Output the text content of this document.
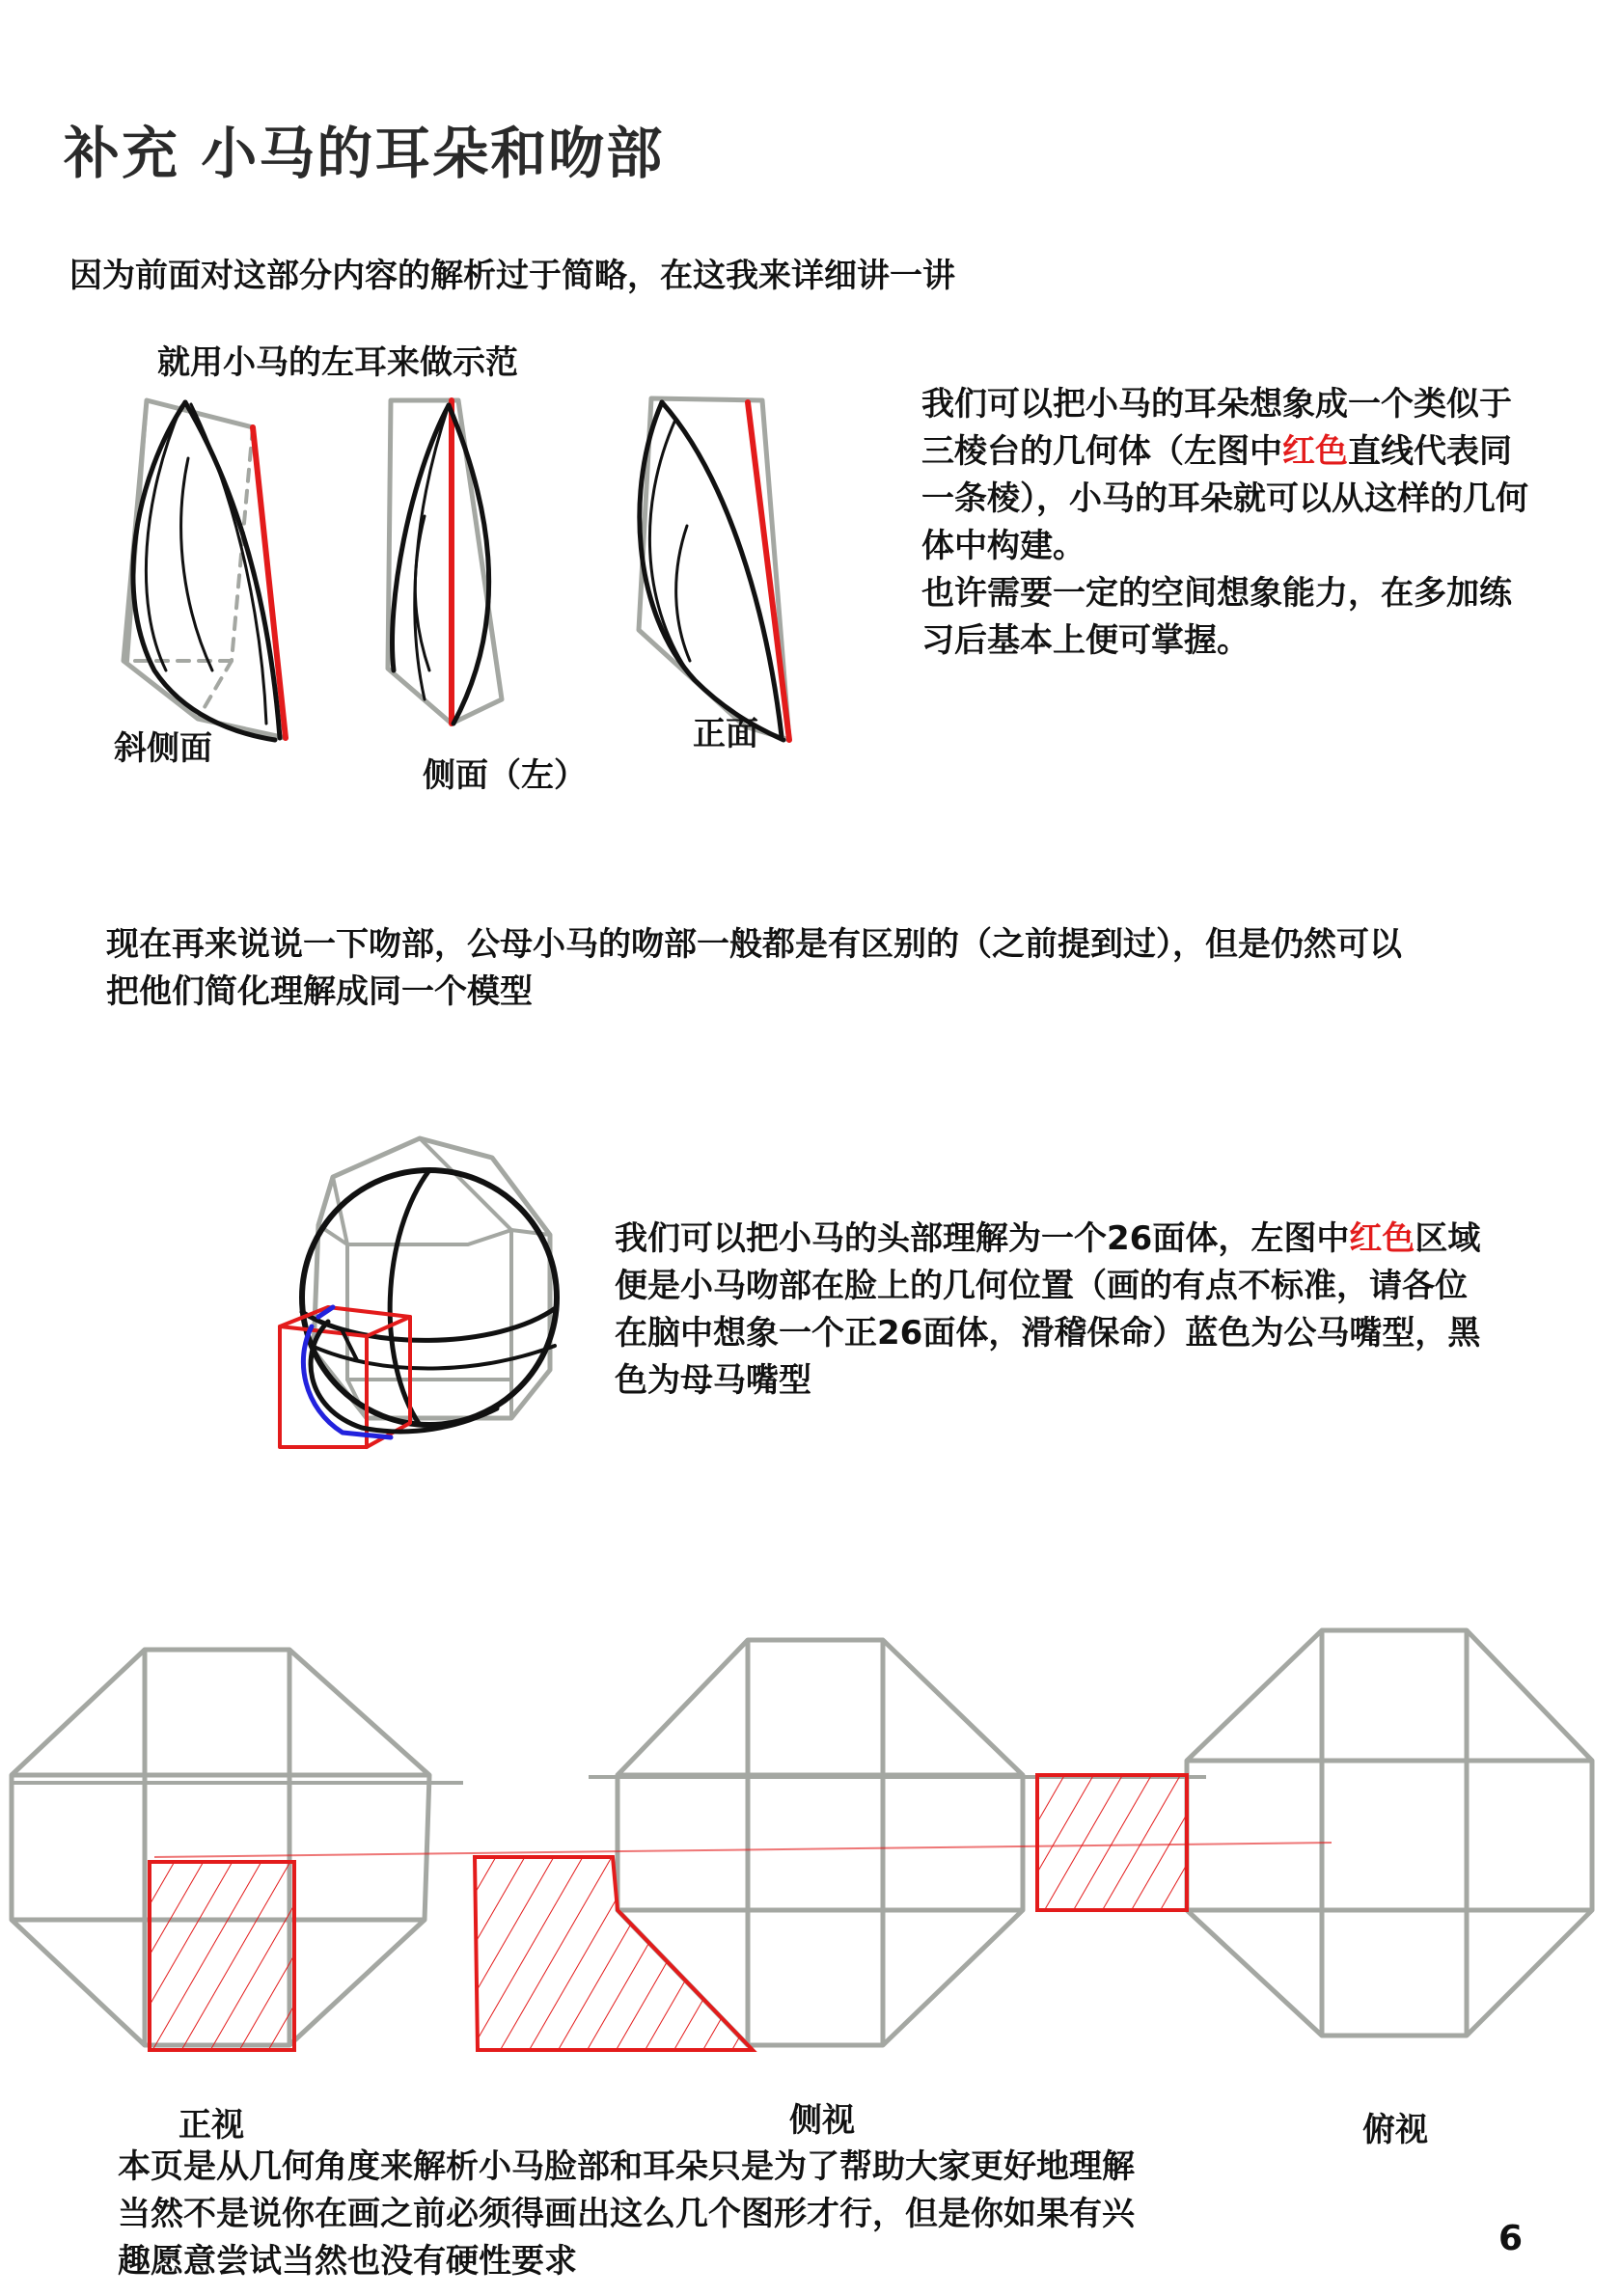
补充 小马的耳朵和吻部
因为前面对这部分内容的解析过于简略，在这我来详细讲一讲
就用小马的左耳来做示范
斜侧面
侧面（左）
正面
我们可以把小马的耳朵想象成一个类似于
三棱台的几何体（左图中红色直线代表同
一条棱），小马的耳朵就可以从这样的几何
体中构建。
也许需要一定的空间想象能力，在多加练
习后基本上便可掌握。
现在再来说说一下吻部，公母小马的吻部一般都是有区别的（之前提到过），但是仍然可以
把他们简化理解成同一个模型
我们可以把小马的头部理解为一个26面体，左图中红色区域
便是小马吻部在脸上的几何位置（画的有点不标准，请各位
在脑中想象一个正26面体，滑稽保命）蓝色为公马嘴型，黑
色为母马嘴型
正视	侧视	俯视
本页是从几何角度来解析小马脸部和耳朵只是为了帮助大家更好地理解
当然不是说你在画之前必须得画出这么几个图形才行，但是你如果有兴
趣愿意尝试当然也没有硬性要求
6
